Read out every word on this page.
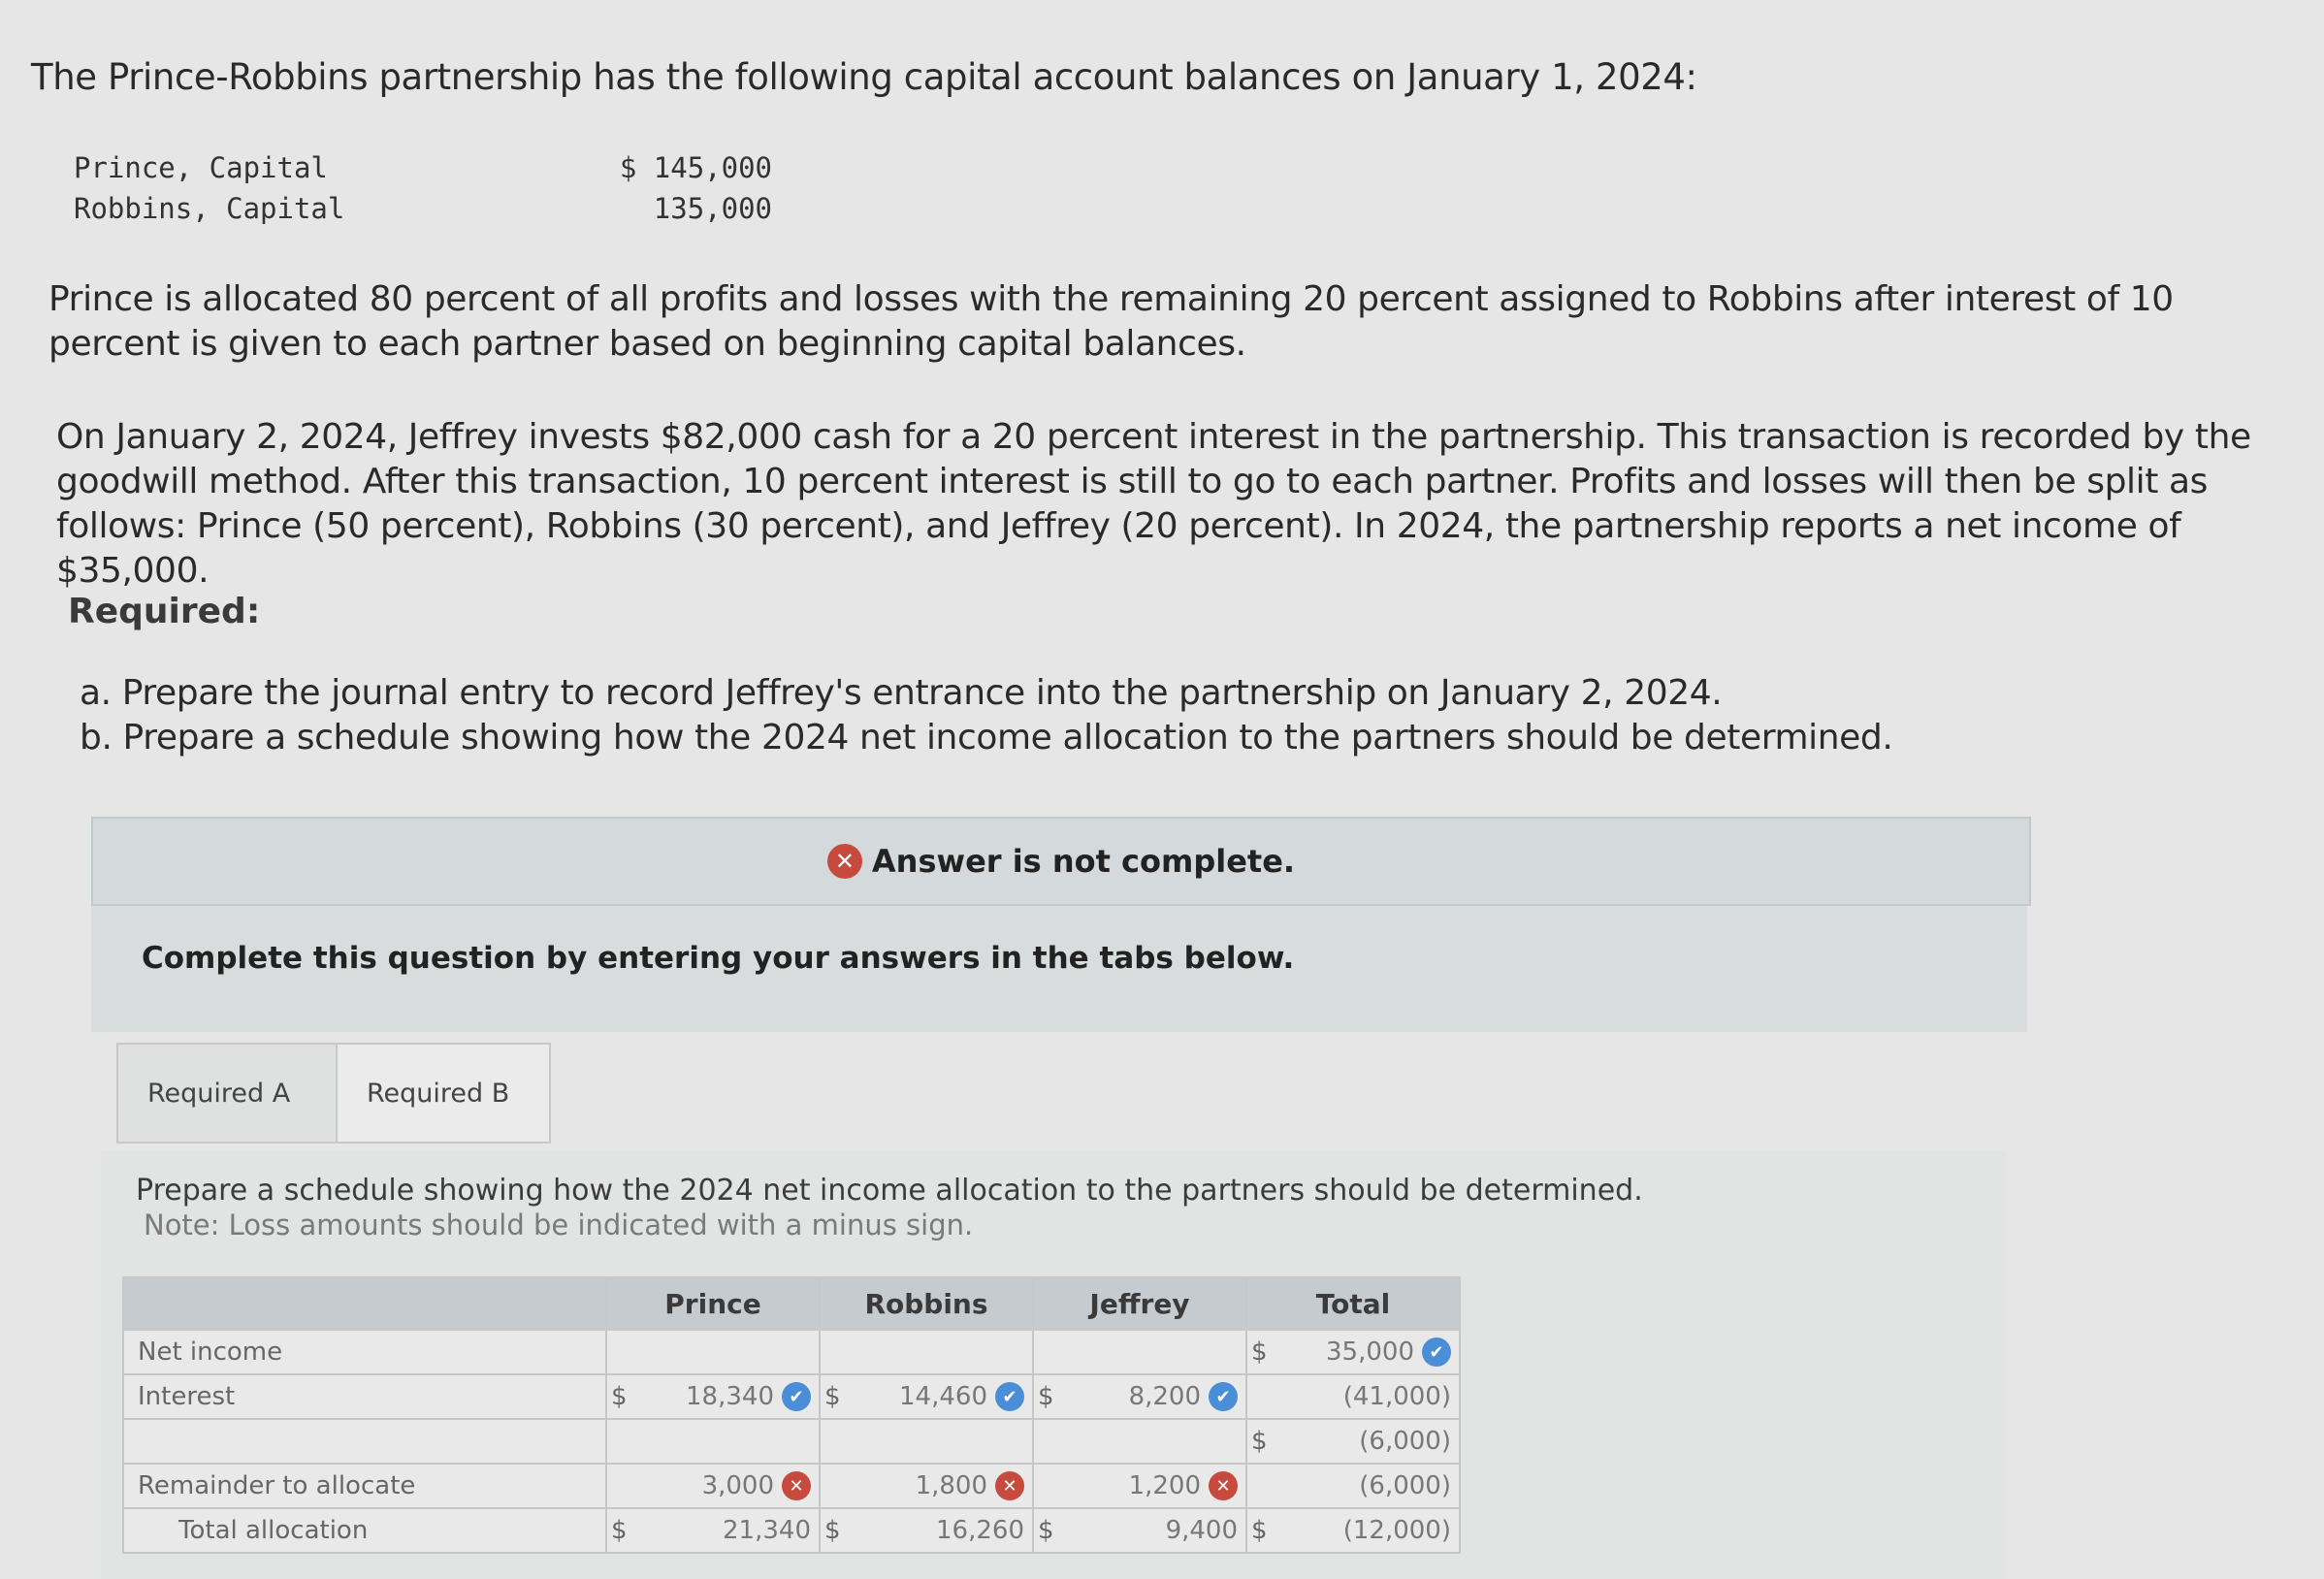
The Prince-Robbins partnership has the following capital account balances on January 1, 2024:
Prince, Capital	$ 145,000
Robbins, Capital	135,000
Prince is allocated 80 percent of all profits and losses with the remaining 20 percent assigned to Robbins after interest of 10 percent is given to each partner based on beginning capital balances.
On January 2, 2024, Jeffrey invests $82,000 cash for a 20 percent interest in the partnership. This transaction is recorded by the goodwill method. After this transaction, 10 percent interest is still to go to each partner. Profits and losses will then be split as follows: Prince (50 percent), Robbins (30 percent), and Jeffrey (20 percent). In 2024, the partnership reports a net income of $35,000.
Required:
a. Prepare the journal entry to record Jeffrey's entrance into the partnership on January 2, 2024.
b. Prepare a schedule showing how the 2024 net income allocation to the partners should be determined.
✕ Answer is not complete.
Complete this question by entering your answers in the tabs below.
Required A	Required B
Prepare a schedule showing how the 2024 net income allocation to the partners should be determined.
Note: Loss amounts should be indicated with a minus sign.
	Prince	Robbins	Jeffrey	Total
Net income				$ 35,000 ✔

Interest	$ 18,340 ✔	$ 14,460 ✔	$ 8,200 ✔	(41,000)

				$ (6,000)

Remainder to allocate	3,000 ✕	1,800 ✕	1,200 ✕	(6,000)

Total allocation	$ 21,340	$ 16,260	$ 9,400	$ (12,000)
